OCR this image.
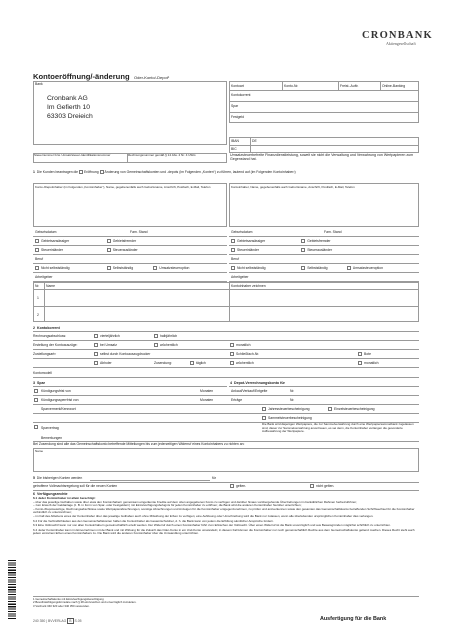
CRONBANK
Aktiengesellschaft
Kontoeröffnung/-änderung Oder-Konto/-Depot¹
Bank
Cronbank AG
Im Gefierth 10
63303 Dreieich
Kontoart	Konto-Nr.	Freist.-Auftr.	Online-Banking
Kontokorrent
Spar
Festgeld
IBAN	DE
BIC
Steuernummer bzw. Umsatzsteuer-Identifikationsnummer	Rechnungsnummer gemäß § 14 Abs. 4 Nr. 4 UStG	Umsatzsteuerbefreite Finanzdienstleistung, soweit sie nicht die Verwaltung und Verwahrung von Wertpapieren zum Gegenstand hat.
1 Die Kunden beantragen die Eröffnung Änderung von Gemeinschaftskonten und -depots (im Folgenden „Konten“) zu führen, lautend auf (im Folgenden Kontoinhaber²)
Konto-/Depotinhaber (im Folgenden „Kontoinhaber“), Name, gegebenenfalls auch Geburtsname, Anschrift, Postfach, E-Mail, Telefon	Kontoinhaber, Name, gegebenenfalls auch Geburtsname, Anschrift, Postfach, E-Mail, Telefon
Geburtsdatum	Fam. Stand
Gebietsansässiger	Gebietsfremder
Steuerinländer	Steuerausländer
Beruf
Nicht selbstständig	Selbstständig	Umsatzsteueroption
Arbeitgeber
Geburtsdatum	Fam. Stand
Gebietsansässiger	Gebietsfremder
Steuerinländer	Steuerausländer
Beruf
Nicht selbstständig	Selbstständig	Umsatzsteueroption
Arbeitgeber
Nr. Name	Kontoinhaber zeichnen
1
2
2 Kontokorrent
Rechnungsabschluss:	vierteljährlich	halbjährlich
Erstellung der Kontoauszüge:	bei Umsatz	wöchentlich	monatlich
Zustellungsart³:	selbst durch Kontoauszugdrucker	Schließfach-Nr.	Bote
Abholer	Zusendung:	täglich	wöchentlich	monatlich
Kontomodell
3 Spar	4 Depot-Verrechnungskonto für
Kündigungsfrist von	Monaten	Ankauf/Verkauf/Entgelte	Nr.
Kündigungssperrfrist von	Monaten	Erträge	Nr.
Sparvermerk/Kennwort	Jahressteuerbescheinigung	Einzelsteuerbescheinigung
Sammelsteuerbescheinigung
Sparvertrag
Bemerkungen
Die Bank wird diejenigen Wertpapiere, die zur Sammelverwahrung durch eine Wertpapiersammelbank zugelassen sind, dieser zur Sammelverwahrung anvertrauen, es sei denn, die Kontoinhaber verlangen die gesonderte Aufbewahrung der Wertpapiere.
Bei Zusendung sind alle das Gemeinschaftskonto betreffende Mitteilungen bis zum jederzeitigen Widerruf eines Kontoinhabers zu richten an:
Name
5 Die bisherigen Konten werden	für
getroffene Vollmachtsregelung soll für die neuen Konten	gelten.	nicht gelten.
6 Verfügungsrechte
6.1 Jeder Kontoinhaber ist allein berechtigt:
– über das jeweilige Guthaben sowie über etwa den Kontoinhabern gemeinsam eingeräumte Kredite auf dem oben angegebenen Konto zu verfügen und darüber hinaus vorübergehende Überziehungen im banküblichen Rahmen herbeizuführen;
– zum Erwerb der Geldanlage (z. B. in Form von Spar- oder Festgeldern) mit Einzelverfügungsbefugnis für jeden Kontoinhaber zu eröffnen; die Bank wird die anderen Kontoinhaber hierüber unterrichten;
– Konto-/Depotauszüge, Rechnungsabschlüsse sowie Wertpapierabrechnungen, sonstige Abrechnungen und Anzeigen für die Kontoinhaber entgegenzunehmen, zu prüfen und anzuerkennen sowie den gesamten das Gemeinschaftskonto betreffenden Schriftwechsel für die Kontoinhaber verbindlich zu unterzeichnen;
– im Fall des Ablebens eines der Kontoinhaber über das jeweilige Guthaben auch ohne Mitwirkung der Erben zu verfügen; eine Auflösung oder Umschreibung wird die Bank nur zulassen, wenn alle überlebenden ursprünglichen Kontoinhaber dies verlangen.
6.2 Für die Verbindlichkeiten aus den Gemeinschaftskonten haften die Kontoinhaber als Gesamtschuldner, d. h. die Bank kann von jedem die Erfüllung sämtlicher Ansprüche fordern.
6.3 Eine Vollmacht² kann nur von allen Kontoinhabern gemeinschaftlich erteilt werden. Der Widerruf durch einen Kontoinhaber führt zum Erlöschen der Vollmacht. Über einen Widerruf ist die Bank unverzüglich und aus Beweisgründen möglichst schriftlich zu unterrichten.
6.4 Jeder Kontoinhaber kann im Einvernehmen mit der Bank und mit Wirkung für die Zukunft das Oder-Konto in ein Und-Konto umwandeln; in diesem Fall können die Kontoinhaber nur noch gemeinschaftlich Rechte aus dem Gemeinschaftskonto geltend machen. Dieses Recht steht auch jedem einzelnen Erben eines Kontoinhabers zu. Die Bank wird die anderen Kontoinhaber über die Umwandlung unterrichten.
1 Gemeinschaftskonto mit Einzelverfügungsberechtigung
2 Bevollmächtigungsformulare nach § 28 einzureichen und unverzüglich zuzuleiten.
3 Vordruck 340 320 oder 340 350 verwenden.
240 350 | BVVERLAG B S.05	Ausfertigung für die Bank
